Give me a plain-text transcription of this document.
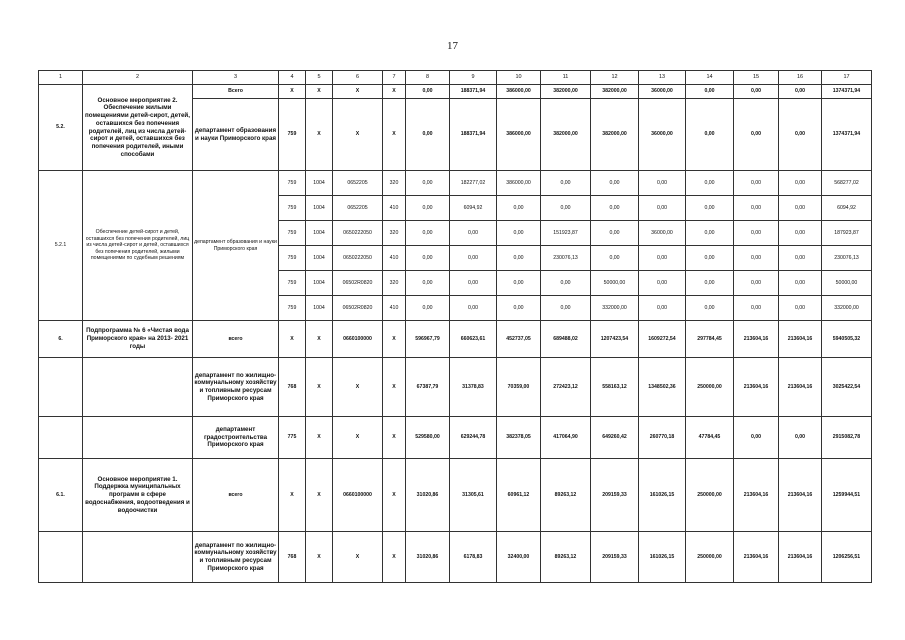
17
1	2	3	4	5	6	7	8	9	10	11	12	13	14	15	16	17
5.2.	Основное мероприятие 2. Обеспечение жилыми помещениями детей-сирот, детей, оставшихся без попечения родителей, лиц из числа детей-сирот и детей, оставшихся без попечения родителей, иными способами	Всего	X	X	X	X	0,00	188371,94	386000,00	382000,00	382000,00	36000,00	0,00	0,00	0,00	1374371,94
		департамент образования и науки Приморского края	759	X	X	X	0,00	188371,94	386000,00	382000,00	382000,00	36000,00	0,00	0,00	0,00	1374371,94
5.2.1	Обеспечение детей-сирот и детей, оставшихся без попечения родителей, лиц из числа детей-сирот и детей, оставшихся без попечения родителей, жилыми помещениями по судебным решениям	департамент образования и науки Приморского края	759	1004	0652205	320	0,00	182277,02	386000,00	0,00	0,00	0,00	0,00	0,00	0,00	568277,02
			759	1004	0652205	410	0,00	6094,92	0,00	0,00	0,00	0,00	0,00	0,00	0,00	6094,92
			759	1004	0650222050	320	0,00	0,00	0,00	151923,87	0,00	36000,00	0,00	0,00	0,00	187923,87
			759	1004	0650222050	410	0,00	0,00	0,00	230076,13	0,00	0,00	0,00	0,00	0,00	230076,13
			759	1004	06502R0820	320	0,00	0,00	0,00	0,00	50000,00	0,00	0,00	0,00	0,00	50000,00
			759	1004	06502R0820	410	0,00	0,00	0,00	0,00	332000,00	0,00	0,00	0,00	0,00	332000,00
6.	Подпрограмма № 6 «Чистая вода Приморского края» на 2013- 2021 годы	всего	X	X	0660100000	X	596967,79	660623,61	452737,05	689488,02	1207423,54	1609272,54	297784,45	213604,16	213604,16	5940505,32
		департамент по жилищно-коммунальному хозяйству и топливным ресурсам Приморского края	768	X	X	X	67387,79	31378,83	70359,00	272423,12	558163,12	1348502,36	250000,00	213604,16	213604,16	3025422,54
		департамент градостроительства Приморского края	775	X	X	X	529580,00	629244,78	382378,05	417064,90	649260,42	260770,18	47784,45	0,00	0,00	2915082,78
6.1.	Основное мероприятие 1. Поддержка муниципальных программ в сфере водоснабжения, водоотведения и водоочистки	всего	X	X	0660100000	X	31020,86	31305,61	60961,12	89263,12	209159,33	161026,15	250000,00	213604,16	213604,16	1259944,51
		департамент по жилищно-коммунальному хозяйству и топливным ресурсам Приморского края	768	X	X	X	31020,86	6178,83	32400,00	89263,12	209159,33	161026,15	250000,00	213604,16	213604,16	1206256,51
